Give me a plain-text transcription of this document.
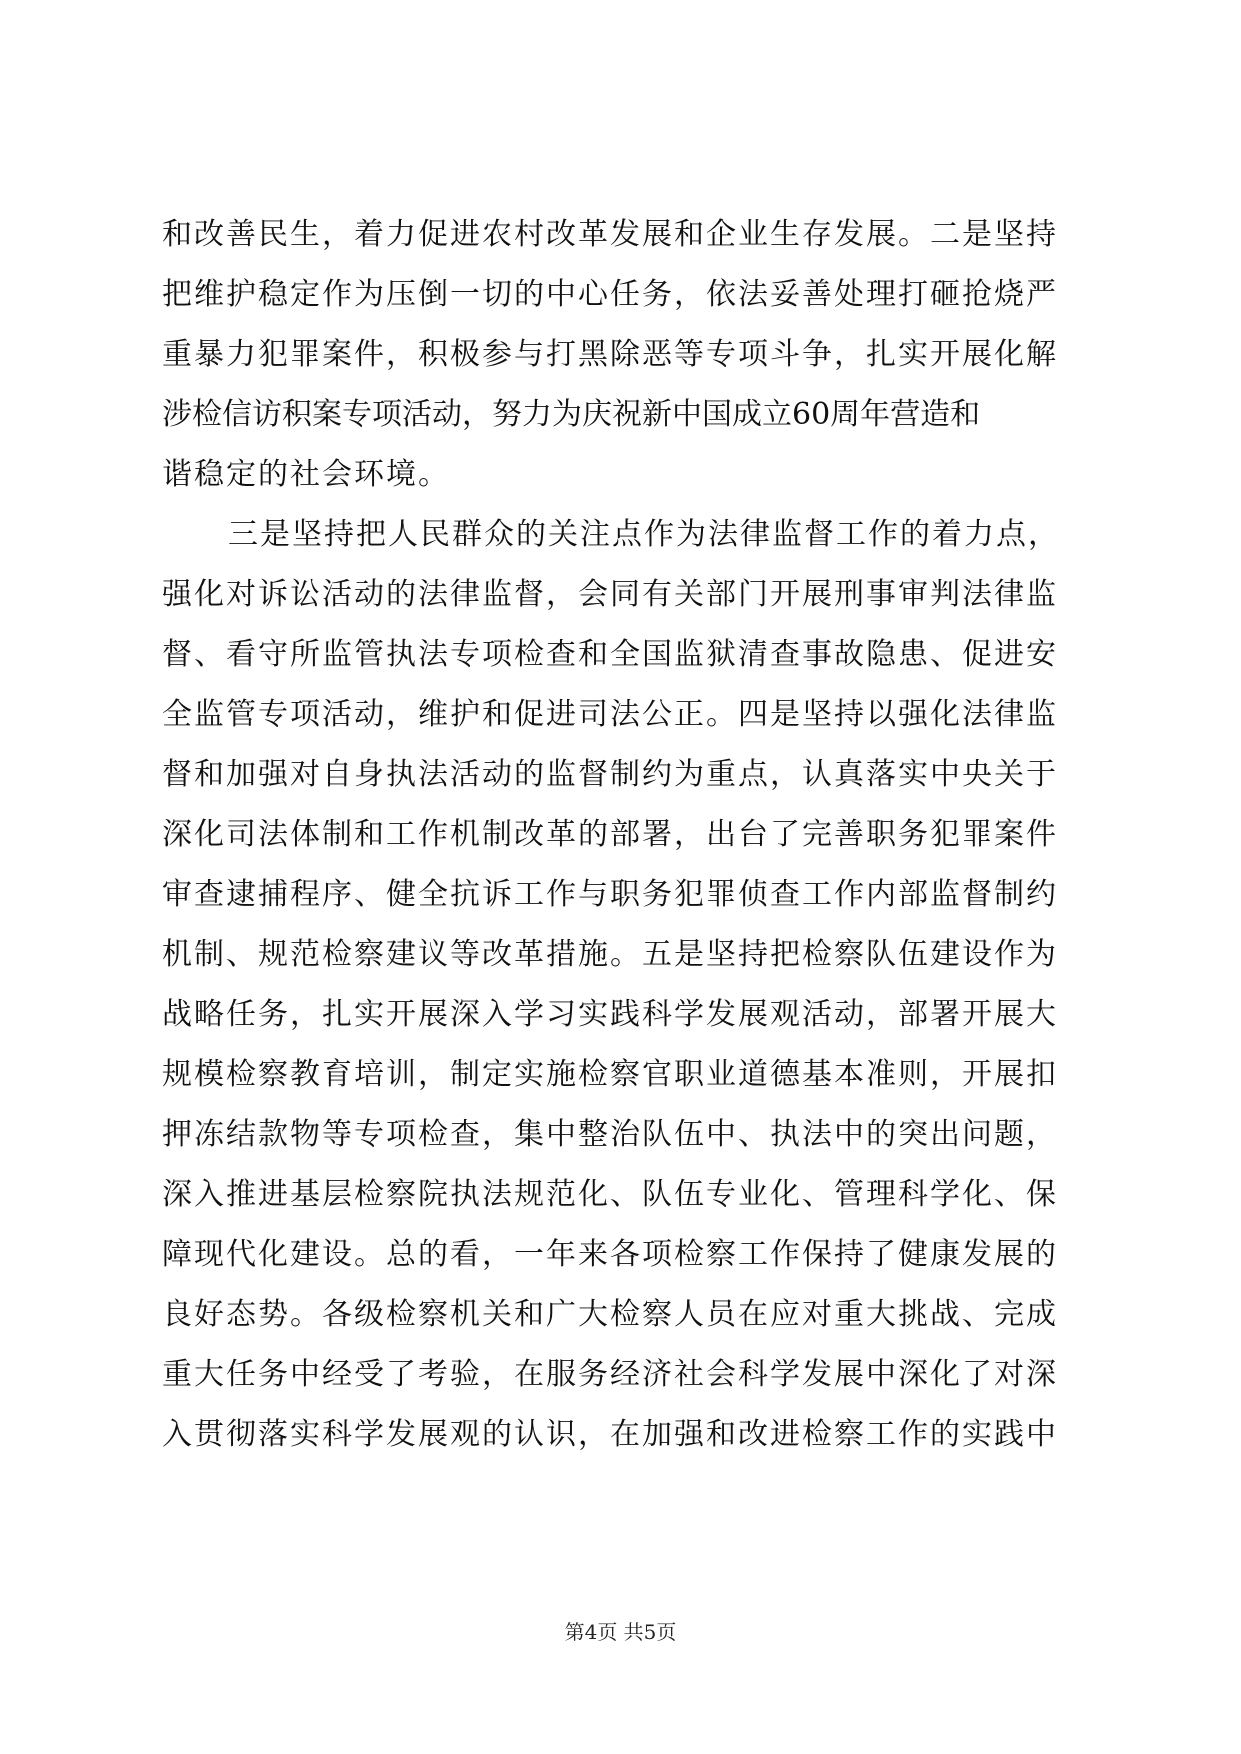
和改善民生，着力促进农村改革发展和企业生存发展。二是坚持
把维护稳定作为压倒一切的中心任务，依法妥善处理打砸抢烧严
重暴力犯罪案件，积极参与打黑除恶等专项斗争，扎实开展化解
涉检信访积案专项活动，努力为庆祝新中国成立60周年营造和
谐稳定的社会环境。
三是坚持把人民群众的关注点作为法律监督工作的着力点，
强化对诉讼活动的法律监督，会同有关部门开展刑事审判法律监
督、看守所监管执法专项检查和全国监狱清查事故隐患、促进安
全监管专项活动，维护和促进司法公正。四是坚持以强化法律监
督和加强对自身执法活动的监督制约为重点，认真落实中央关于
深化司法体制和工作机制改革的部署，出台了完善职务犯罪案件
审查逮捕程序、健全抗诉工作与职务犯罪侦查工作内部监督制约
机制、规范检察建议等改革措施。五是坚持把检察队伍建设作为
战略任务，扎实开展深入学习实践科学发展观活动，部署开展大
规模检察教育培训，制定实施检察官职业道德基本准则，开展扣
押冻结款物等专项检查，集中整治队伍中、执法中的突出问题，
深入推进基层检察院执法规范化、队伍专业化、管理科学化、保
障现代化建设。总的看，一年来各项检察工作保持了健康发展的
良好态势。各级检察机关和广大检察人员在应对重大挑战、完成
重大任务中经受了考验，在服务经济社会科学发展中深化了对深
入贯彻落实科学发展观的认识，在加强和改进检察工作的实践中
第4页 共5页
